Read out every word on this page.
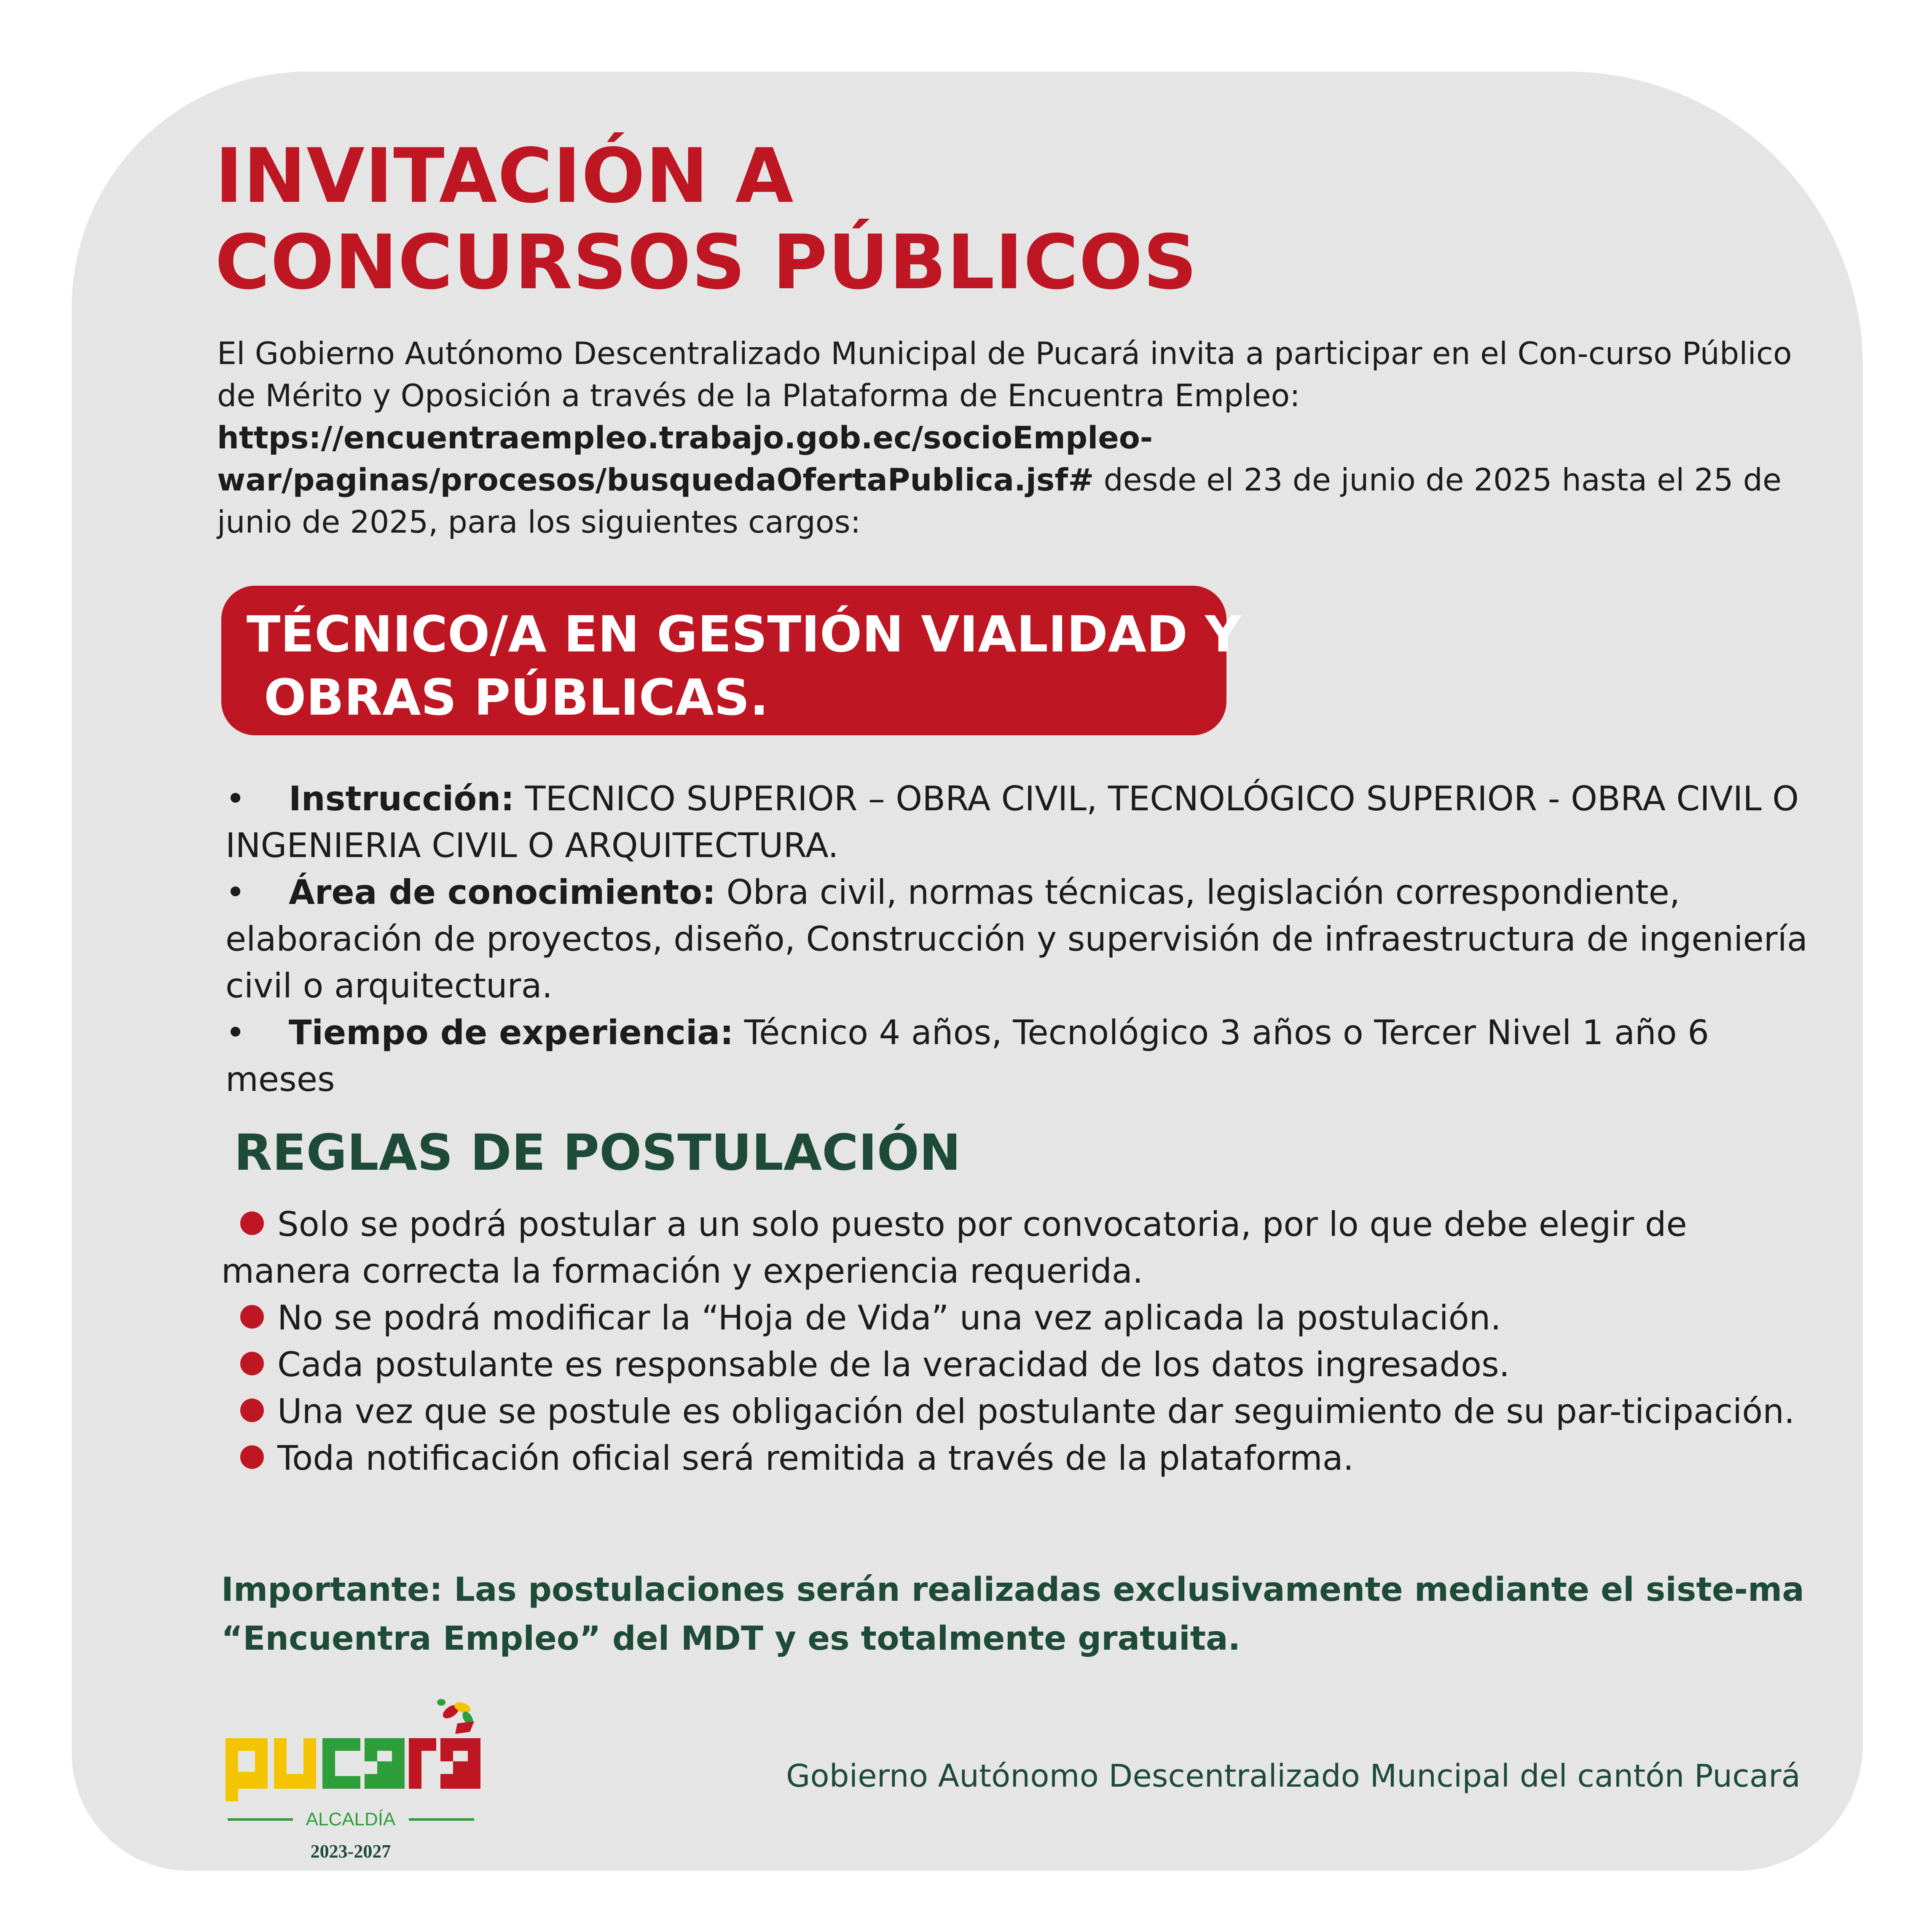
INVITACIÓN A
CONCURSOS PÚBLICOS
El Gobierno Autónomo Descentralizado Municipal de Pucará invita a participar en el Con-curso Público de Mérito y Oposición a través de la Plataforma de Encuentra Empleo: https://encuentraempleo.trabajo.gob.ec/socioEmpleo-war/paginas/procesos/busquedaOfertaPublica.jsf# desde el 23 de junio de 2025 hasta el 25 de junio de 2025, para los siguientes cargos:
TÉCNICO/A EN GESTIÓN VIALIDAD Y
OBRAS PÚBLICAS.

• Instrucción: TECNICO SUPERIOR – OBRA CIVIL, TECNOLÓGICO SUPERIOR - OBRA CIVIL O INGENIERIA CIVIL O ARQUITECTURA.

• Área de conocimiento: Obra civil, normas técnicas, legislación correspondiente, elaboración de proyectos, diseño, Construcción y supervisión de infraestructura de ingeniería civil o arquitectura.

• Tiempo de experiencia: Técnico 4 años, Tecnológico 3 años o Tercer Nivel 1 año 6 meses

REGLAS DE POSTULACIÓN
Solo se podrá postular a un solo puesto por convocatoria, por lo que debe elegir de manera correcta la formación y experiencia requerida.
No se podrá modificar la “Hoja de Vida” una vez aplicada la postulación.
Cada postulante es responsable de la veracidad de los datos ingresados.
Una vez que se postule es obligación del postulante dar seguimiento de su par-ticipación.
Toda notificación oficial será remitida a través de la plataforma.
Importante: Las postulaciones serán realizadas exclusivamente mediante el siste-ma “Encuentra Empleo” del MDT y es totalmente gratuita.
ALCALDÍA
2023-2027
Gobierno Autónomo Descentralizado Muncipal del cantón Pucará
